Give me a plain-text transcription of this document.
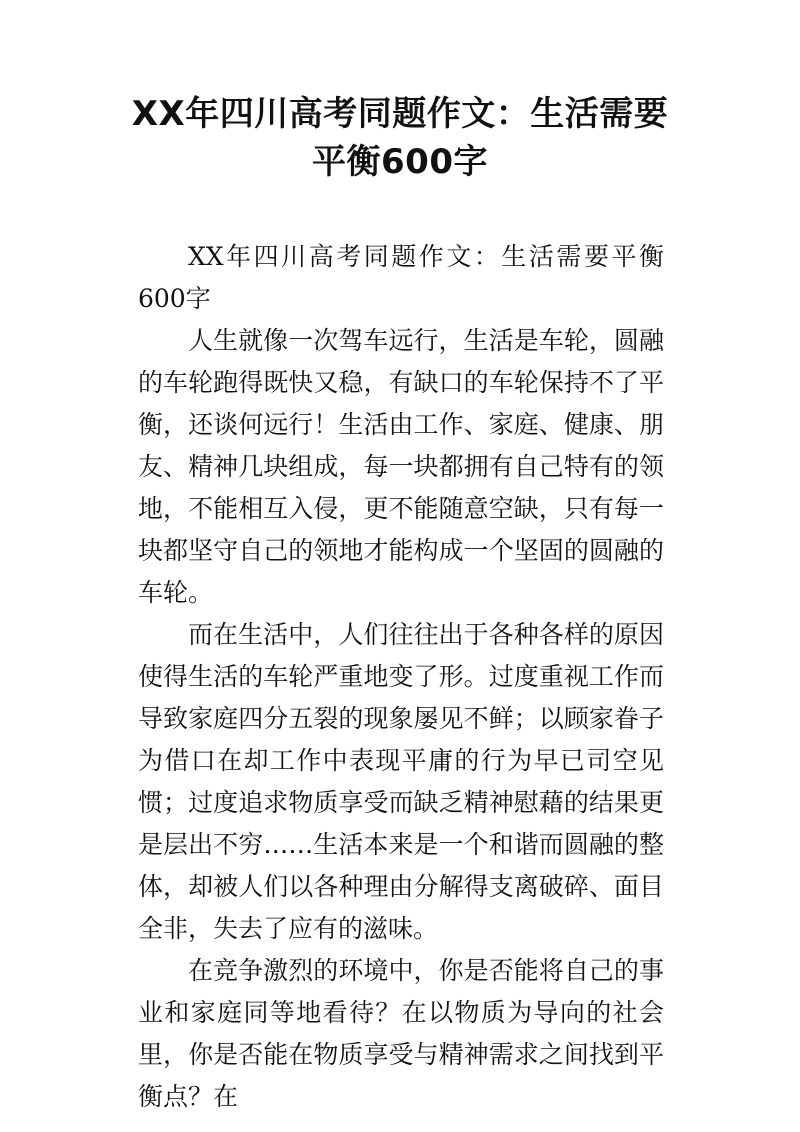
XX年四川高考同题作文：生活需要平衡600字

XX年四川高考同题作文：生活需要平衡600字

人生就像一次驾车远行，生活是车轮，圆融的车轮跑得既快又稳，有缺口的车轮保持不了平衡，还谈何远行！生活由工作、家庭、健康、朋友、精神几块组成，每一块都拥有自己特有的领地，不能相互入侵，更不能随意空缺，只有每一块都坚守自己的领地才能构成一个坚固的圆融的车轮。

而在生活中，人们往往出于各种各样的原因使得生活的车轮严重地变了形。过度重视工作而导致家庭四分五裂的现象屡见不鲜；以顾家眷子为借口在却工作中表现平庸的行为早已司空见惯；过度追求物质享受而缺乏精神慰藉的结果更是层出不穷……生活本来是一个和谐而圆融的整体，却被人们以各种理由分解得支离破碎、面目全非，失去了应有的滋味。

在竞争激烈的环境中，你是否能将自己的事业和家庭同等地看待？在以物质为导向的社会里，你是否能在物质享受与精神需求之间找到平衡点？在
